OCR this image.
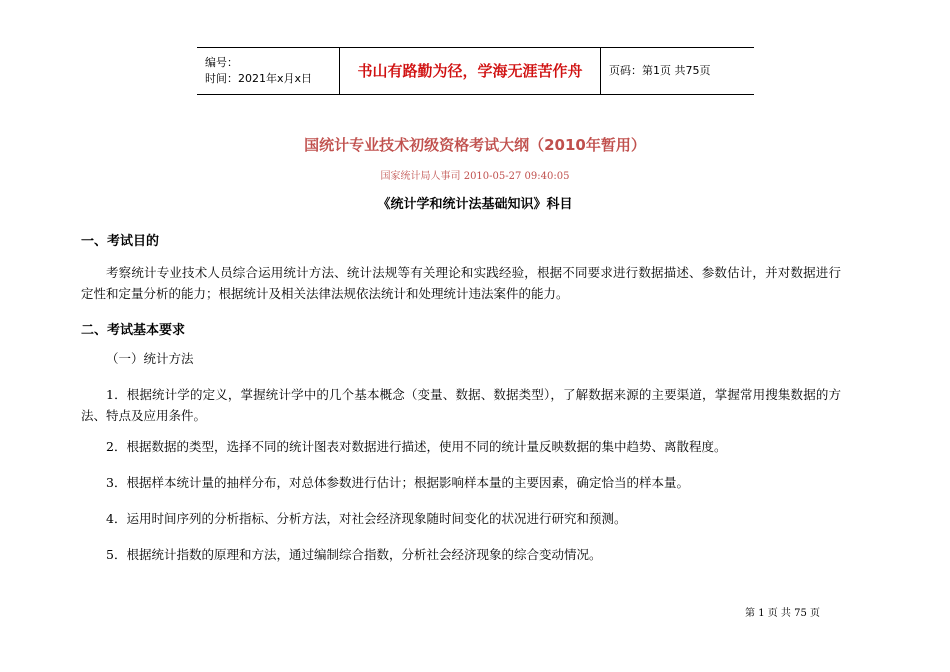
编号：
时间：2021年x月x日	书山有路勤为径，学海无涯苦作舟 页码：第1页 共75页
国统计专业技术初级资格考试大纲（2010年暂用）
国家统计局人事司 2010-05-27 09:40:05
《统计学和统计法基础知识》科目
一、考试目的
考察统计专业技术人员综合运用统计方法、统计法规等有关理论和实践经验，根据不同要求进行数据描述、参数估计，并对数据进行定性和定量分析的能力；根据统计及相关法律法规依法统计和处理统计违法案件的能力。
二、考试基本要求
（一）统计方法
1．根据统计学的定义，掌握统计学中的几个基本概念（变量、数据、数据类型），了解数据来源的主要渠道，掌握常用搜集数据的方法、特点及应用条件。
2．根据数据的类型，选择不同的统计图表对数据进行描述，使用不同的统计量反映数据的集中趋势、离散程度。
3．根据样本统计量的抽样分布，对总体参数进行估计；根据影响样本量的主要因素，确定恰当的样本量。
4．运用时间序列的分析指标、分析方法，对社会经济现象随时间变化的状况进行研究和预测。
5．根据统计指数的原理和方法，通过编制综合指数，分析社会经济现象的综合变动情况。
第 1 页 共 75 页
